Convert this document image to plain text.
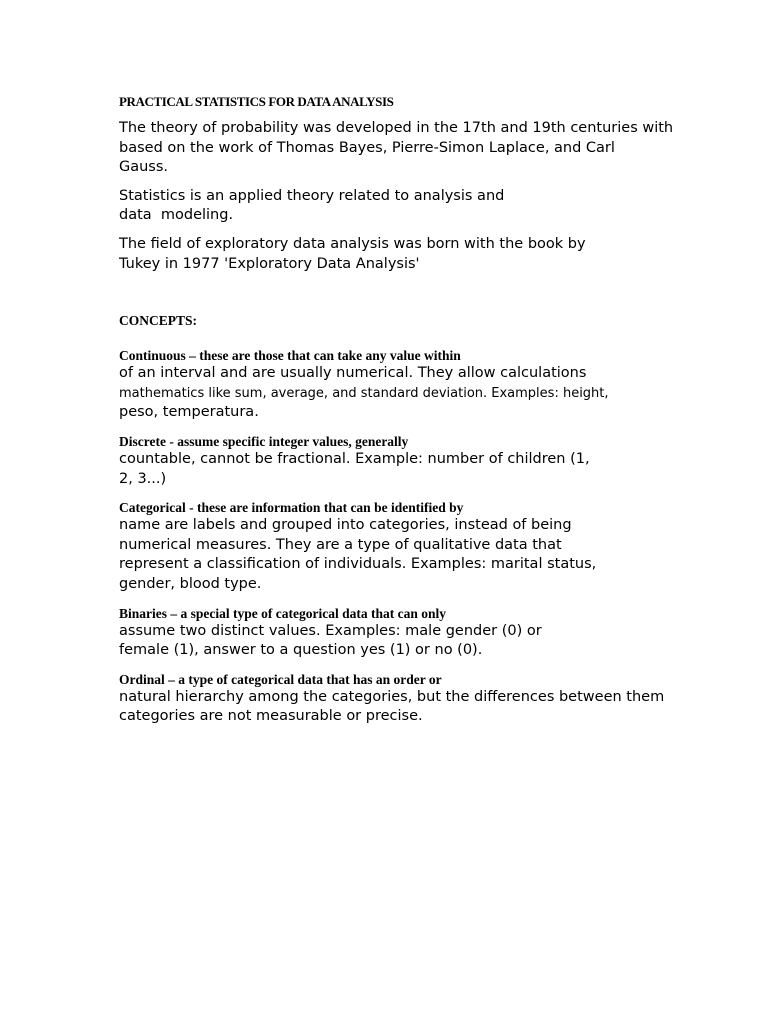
PRACTICAL STATISTICS FOR DATA ANALYSIS
The theory of probability was developed in the 17th and 19th centuries with
based on the work of Thomas Bayes, Pierre-Simon Laplace, and Carl
Gauss.
Statistics is an applied theory related to analysis and
data  modeling.
The field of exploratory data analysis was born with the book by
Tukey in 1977 'Exploratory Data Analysis'
CONCEPTS:
Continuous – these are those that can take any value within
of an interval and are usually numerical. They allow calculations
mathematics like sum, average, and standard deviation. Examples: height,
peso, temperatura.
Discrete - assume specific integer values, generally
countable, cannot be fractional. Example: number of children (1,
2, 3...)
Categorical - these are information that can be identified by
name are labels and grouped into categories, instead of being
numerical measures. They are a type of qualitative data that
represent a classification of individuals. Examples: marital status,
gender, blood type.
Binaries – a special type of categorical data that can only
assume two distinct values. Examples: male gender (0) or
female (1), answer to a question yes (1) or no (0).
Ordinal – a type of categorical data that has an order or
natural hierarchy among the categories, but the differences between them
categories are not measurable or precise.
